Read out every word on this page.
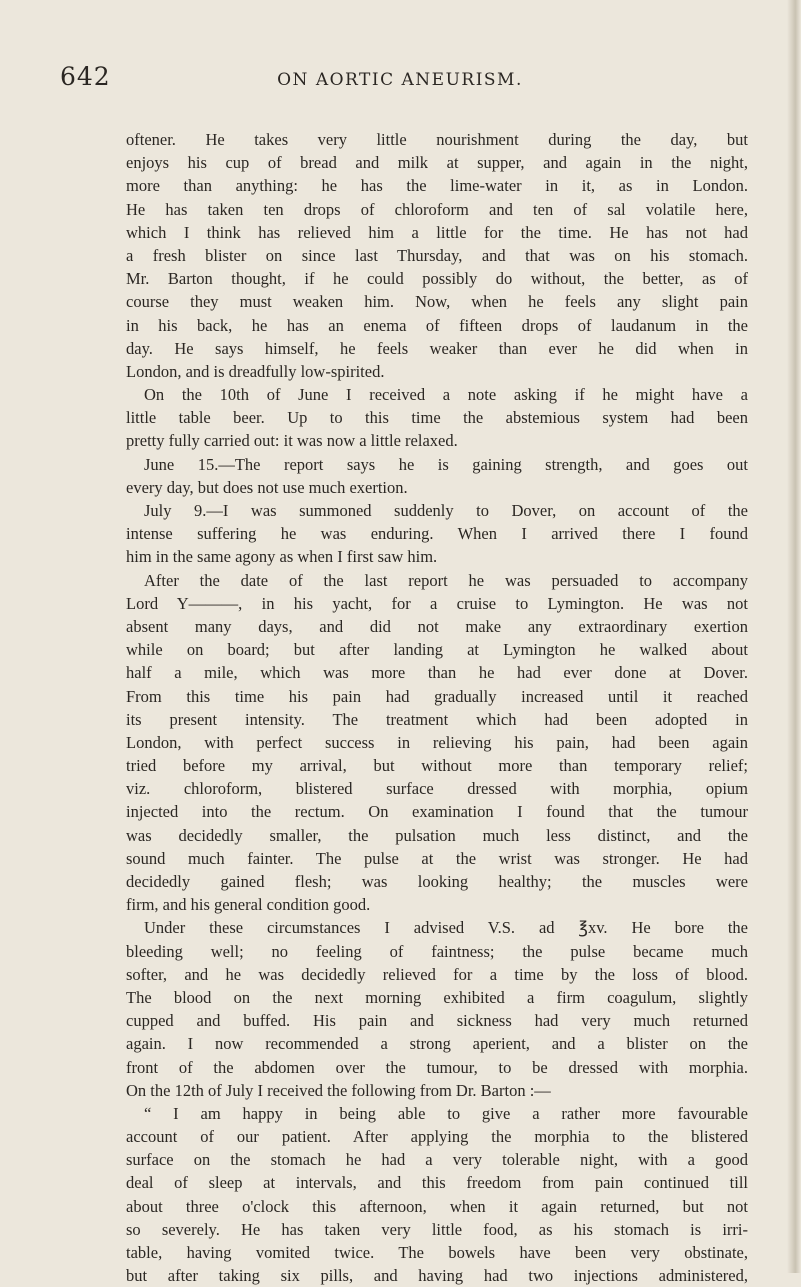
642	ON AORTIC ANEURISM.
oftener. He takes very little nourishment during the day, but
enjoys his cup of bread and milk at supper, and again in the night,
more than anything: he has the lime-water in it, as in London.
He has taken ten drops of chloroform and ten of sal volatile here,
which I think has relieved him a little for the time. He has not had
a fresh blister on since last Thursday, and that was on his stomach.
Mr. Barton thought, if he could possibly do without, the better, as of
course they must weaken him. Now, when he feels any slight pain
in his back, he has an enema of fifteen drops of laudanum in the
day. He says himself, he feels weaker than ever he did when in
London, and is dreadfully low-spirited.
On the 10th of June I received a note asking if he might have a
little table beer. Up to this time the abstemious system had been
pretty fully carried out: it was now a little relaxed.
June 15.—The report says he is gaining strength, and goes out
every day, but does not use much exertion.
July 9.—I was summoned suddenly to Dover, on account of the
intense suffering he was enduring. When I arrived there I found
him in the same agony as when I first saw him.
After the date of the last report he was persuaded to accompany
Lord Y———, in his yacht, for a cruise to Lymington. He was not
absent many days, and did not make any extraordinary exertion
while on board; but after landing at Lymington he walked about
half a mile, which was more than he had ever done at Dover.
From this time his pain had gradually increased until it reached
its present intensity. The treatment which had been adopted in
London, with perfect success in relieving his pain, had been again
tried before my arrival, but without more than temporary relief;
viz. chloroform, blistered surface dressed with morphia, opium
injected into the rectum. On examination I found that the tumour
was decidedly smaller, the pulsation much less distinct, and the
sound much fainter. The pulse at the wrist was stronger. He had
decidedly gained flesh; was looking healthy; the muscles were
firm, and his general condition good.
Under these circumstances I advised V.S. ad ℥xv. He bore the
bleeding well; no feeling of faintness; the pulse became much
softer, and he was decidedly relieved for a time by the loss of blood.
The blood on the next morning exhibited a firm coagulum, slightly
cupped and buffed. His pain and sickness had very much returned
again. I now recommended a strong aperient, and a blister on the
front of the abdomen over the tumour, to be dressed with morphia.
On the 12th of July I received the following from Dr. Barton :—
“ I am happy in being able to give a rather more favourable
account of our patient. After applying the morphia to the blistered
surface on the stomach he had a very tolerable night, with a good
deal of sleep at intervals, and this freedom from pain continued till
about three o'clock this afternoon, when it again returned, but not
so severely. He has taken very little food, as his stomach is irri-
table, having vomited twice. The bowels have been very obstinate,
but after taking six pills, and having had two injections administered,
